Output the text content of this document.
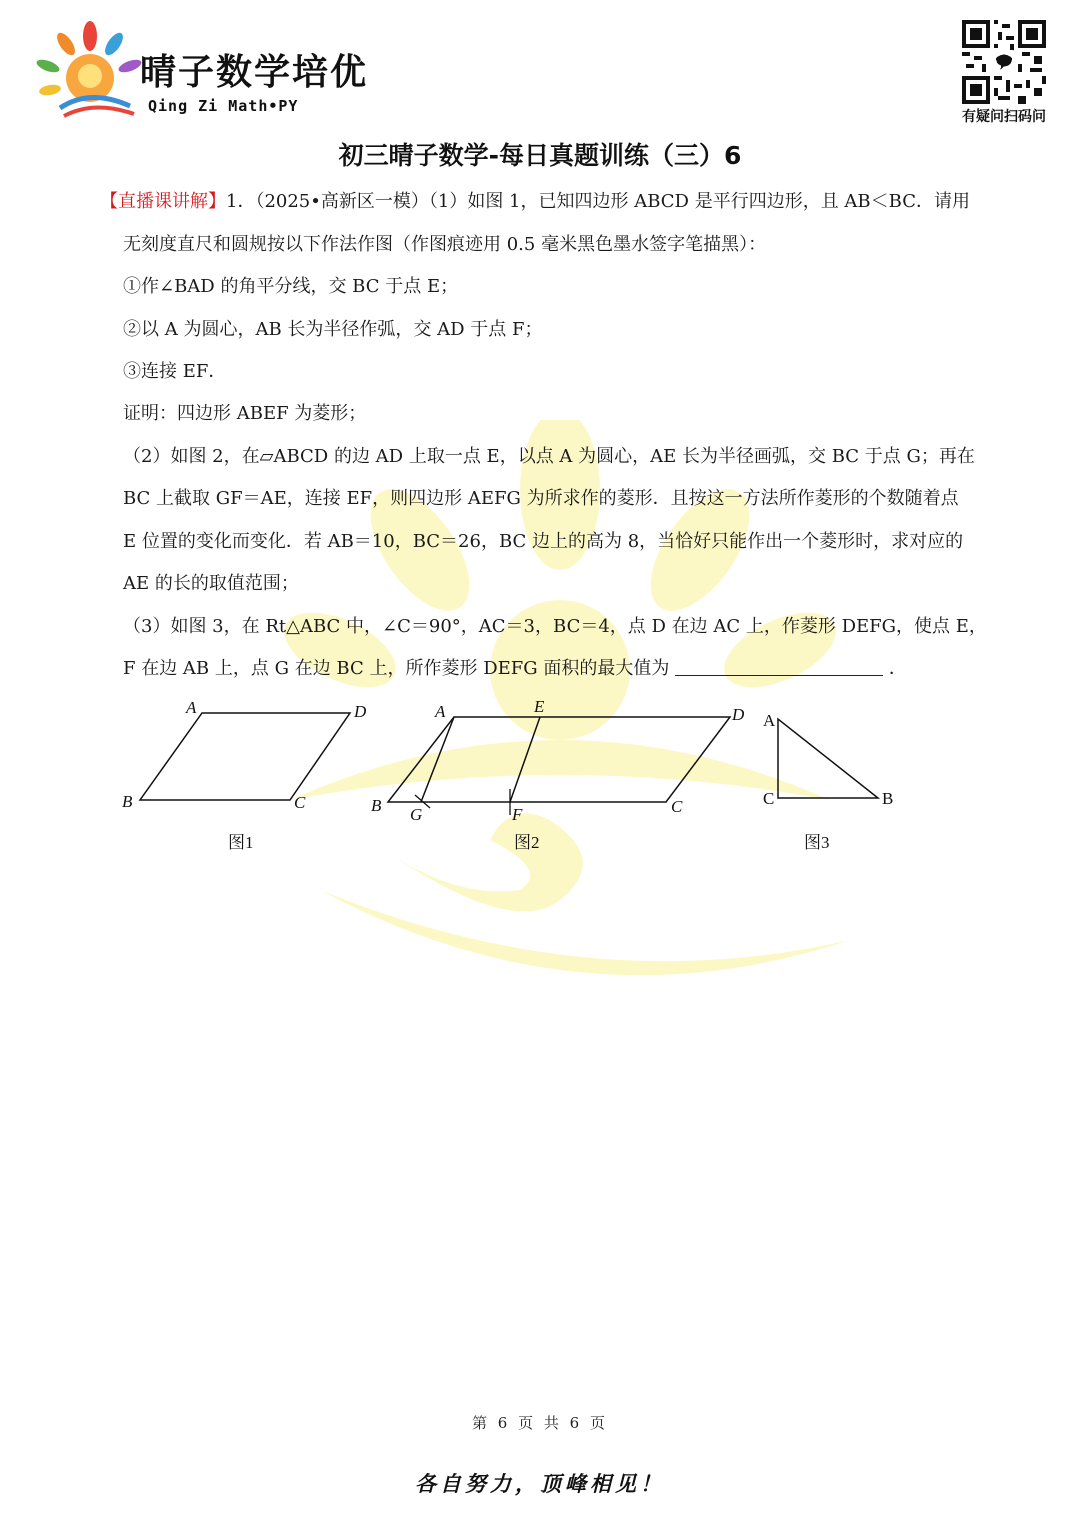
晴子数学培优
Qing Zi Math•PY
有疑问扫码问
初三晴子数学-每日真题训练（三）6
【直播课讲解】1．（2025•高新区一模）（1）如图 1，已知四边形 ABCD 是平行四边形，且 AB＜BC．请用
无刻度直尺和圆规按以下作法作图（作图痕迹用 0.5 毫米黑色墨水签字笔描黑）：
①作∠BAD 的角平分线，交 BC 于点 E；
②以 A 为圆心，AB 长为半径作弧，交 AD 于点 F；
③连接 EF．
证明：四边形 ABEF 为菱形；
（2）如图 2，在▱ABCD 的边 AD 上取一点 E，以点 A 为圆心，AE 长为半径画弧，交 BC 于点 G；再在
BC 上截取 GF＝AE，连接 EF，则四边形 AEFG 为所求作的菱形．且按这一方法所作菱形的个数随着点
E 位置的变化而变化．若 AB＝10，BC＝26，BC 边上的高为 8，当恰好只能作出一个菱形时，求对应的
AE 的长的取值范围；
（3）如图 3，在 Rt△ABC 中，∠C＝90°，AC＝3，BC＝4，点 D 在边 AC 上，作菱形 DEFG，使点 E，
F 在边 AB 上，点 G 在边 BC 上，所作菱形 DEFG 面积的最大值为	．
A	D
B	C
图1
A	E	D
B G	F	C
图2
A
C	B
图3
第 6 页 共 6 页
各自努力，顶峰相见！
